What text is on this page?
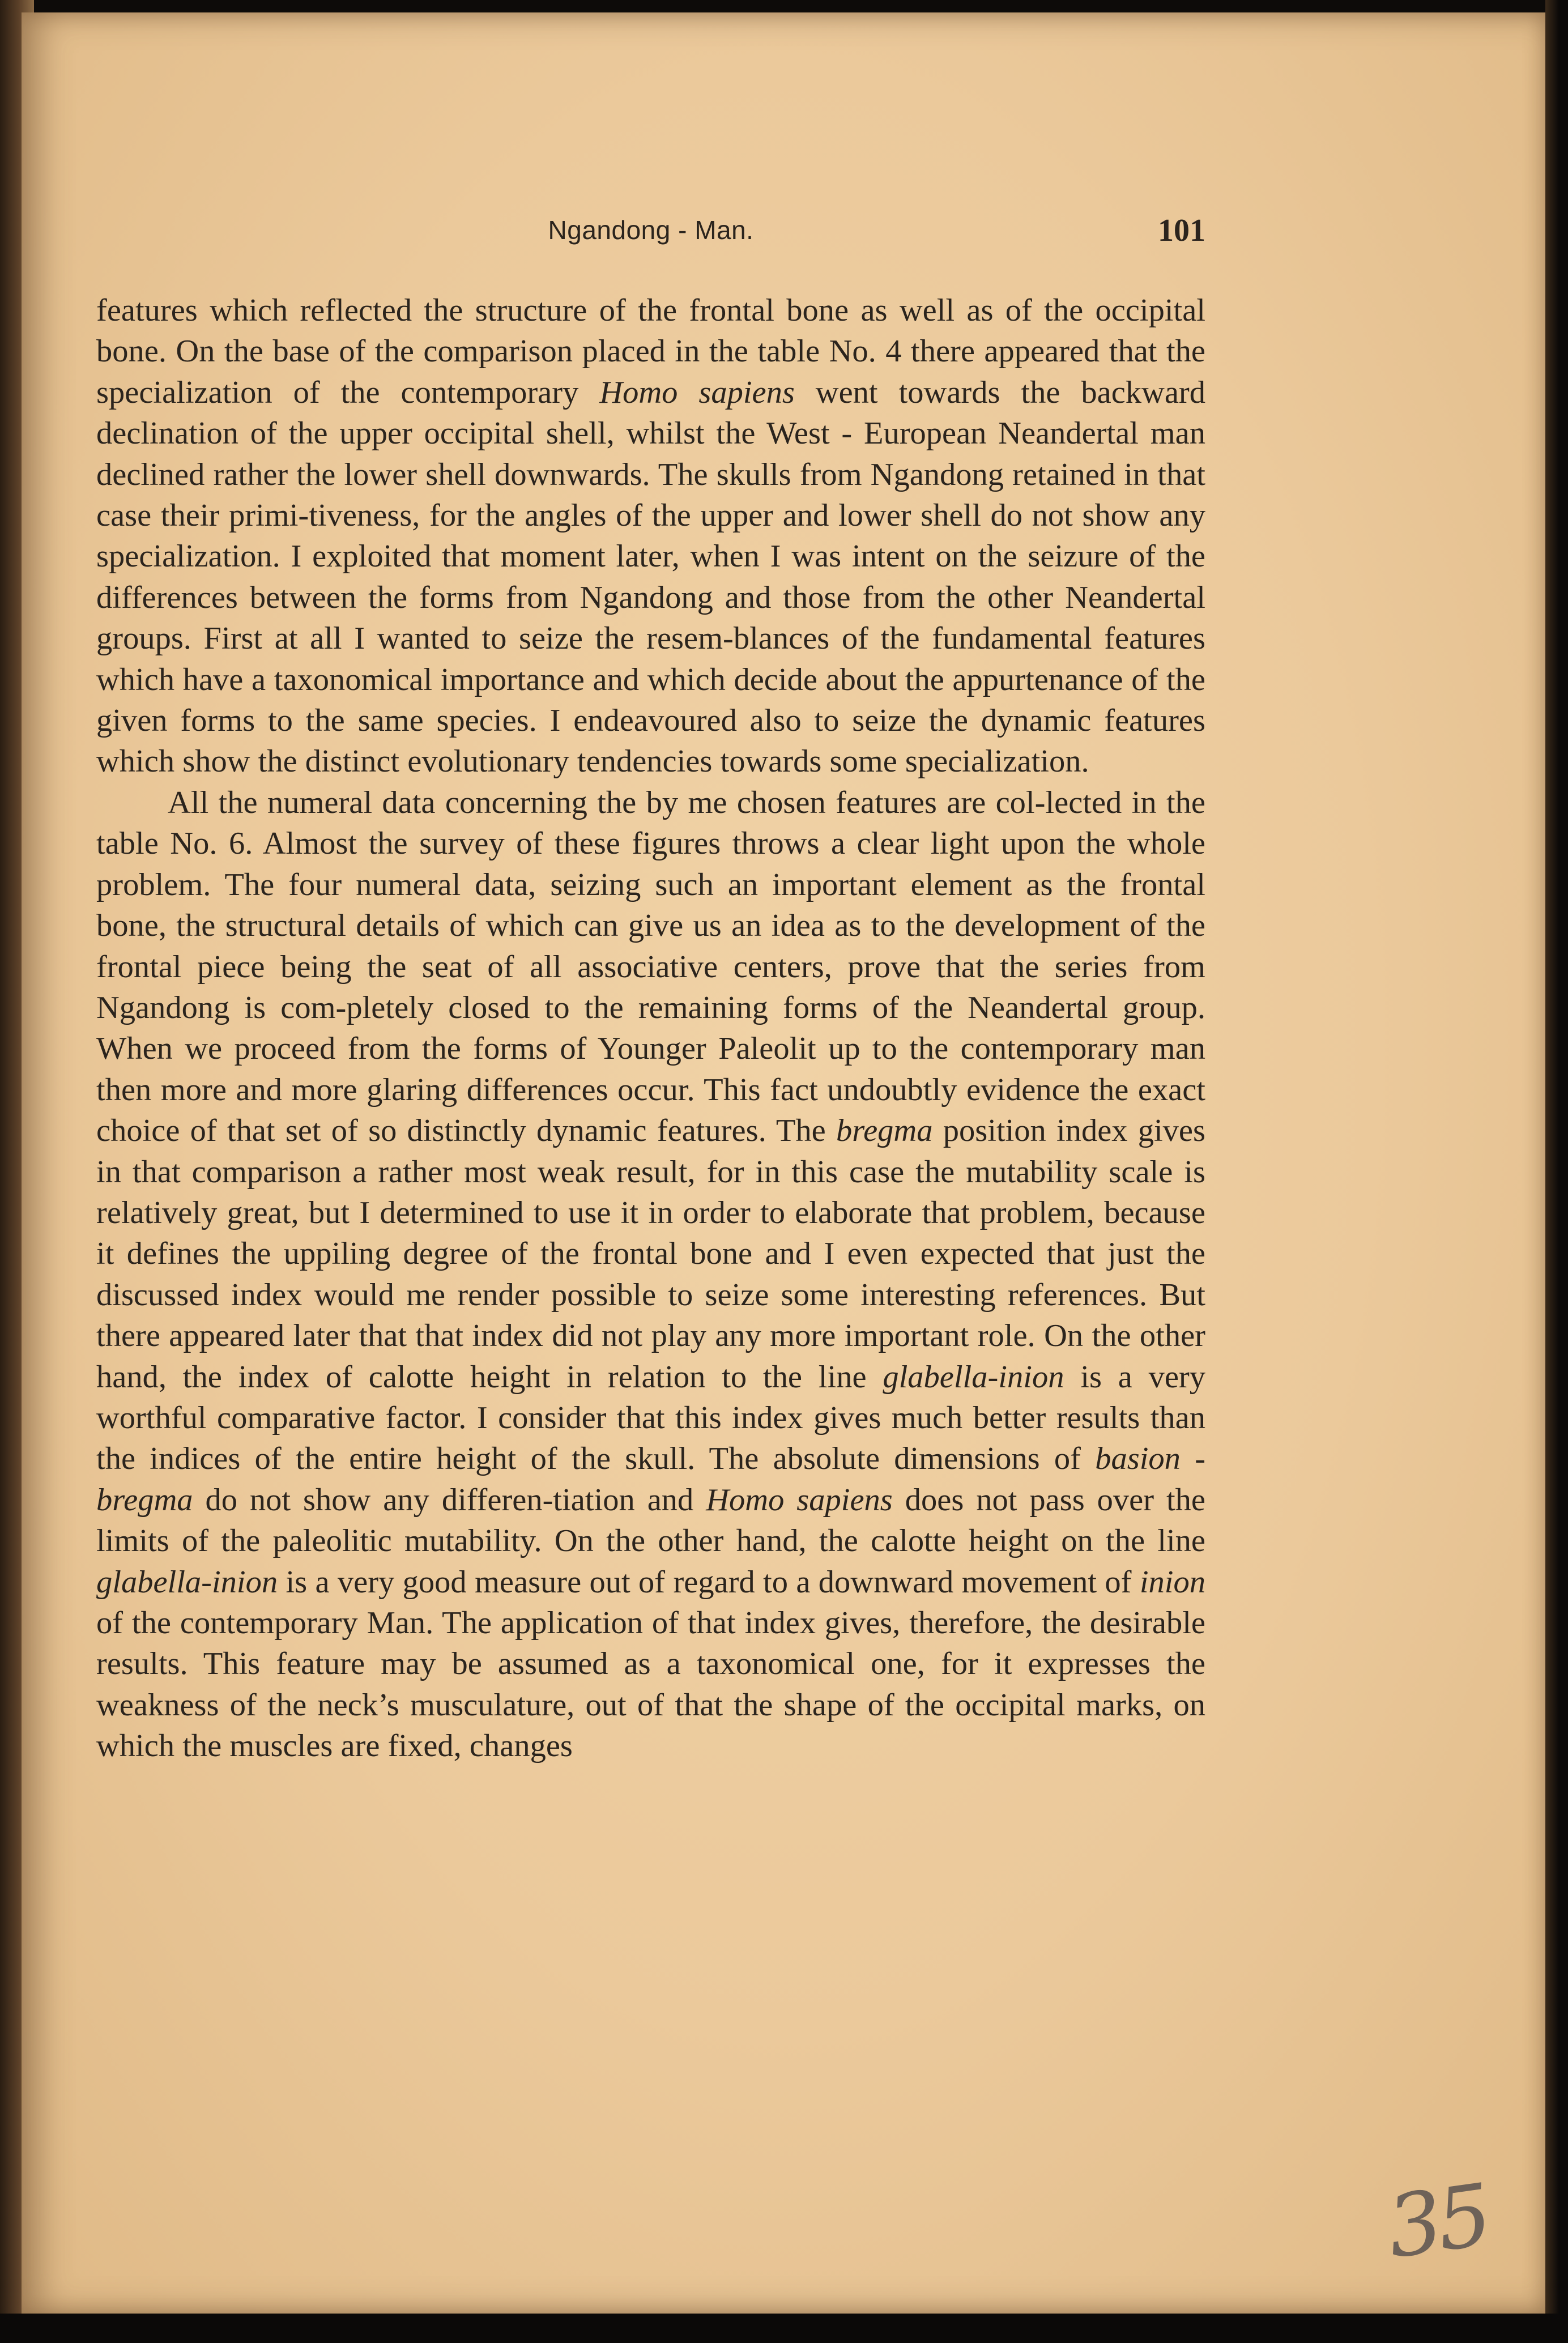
Ngandong - Man.	101

features which reflected the structure of the frontal bone as well as of the occipital bone. On the base of the comparison placed in the table No. 4 there appeared that the specialization of the contemporary Homo sapiens went towards the backward declination of the upper occipital shell, whilst the West - European Neandertal man declined rather the lower shell downwards. The skulls from Ngandong retained in that case their primi-tiveness, for the angles of the upper and lower shell do not show any specialization. I exploited that moment later, when I was intent on the seizure of the differences between the forms from Ngandong and those from the other Neandertal groups. First at all I wanted to seize the resem-blances of the fundamental features which have a taxonomical importance and which decide about the appurtenance of the given forms to the same species. I endeavoured also to seize the dynamic features which show the distinct evolutionary tendencies towards some specialization.

All the numeral data concerning the by me chosen features are col-lected in the table No. 6. Almost the survey of these figures throws a clear light upon the whole problem. The four numeral data, seizing such an important element as the frontal bone, the structural details of which can give us an idea as to the development of the frontal piece being the seat of all associative centers, prove that the series from Ngandong is com-pletely closed to the remaining forms of the Neandertal group. When we proceed from the forms of Younger Paleolit up to the contemporary man then more and more glaring differences occur. This fact undoubtly evidence the exact choice of that set of so distinctly dynamic features. The bregma position index gives in that comparison a rather most weak result, for in this case the mutability scale is relatively great, but I determined to use it in order to elaborate that problem, because it defines the uppiling degree of the frontal bone and I even expected that just the discussed index would me render possible to seize some interesting references. But there appeared later that that index did not play any more important role. On the other hand, the index of calotte height in relation to the line glabella-inion is a very worthful comparative factor. I consider that this index gives much better results than the indices of the entire height of the skull. The absolute dimensions of basion - bregma do not show any differen-tiation and Homo sapiens does not pass over the limits of the paleolitic mutability. On the other hand, the calotte height on the line glabella-inion is a very good measure out of regard to a downward movement of inion of the contemporary Man. The application of that index gives, therefore, the desirable results. This feature may be assumed as a taxonomical one, for it expresses the weakness of the neck’s musculature, out of that the shape of the occipital marks, on which the muscles are fixed, changes

35
